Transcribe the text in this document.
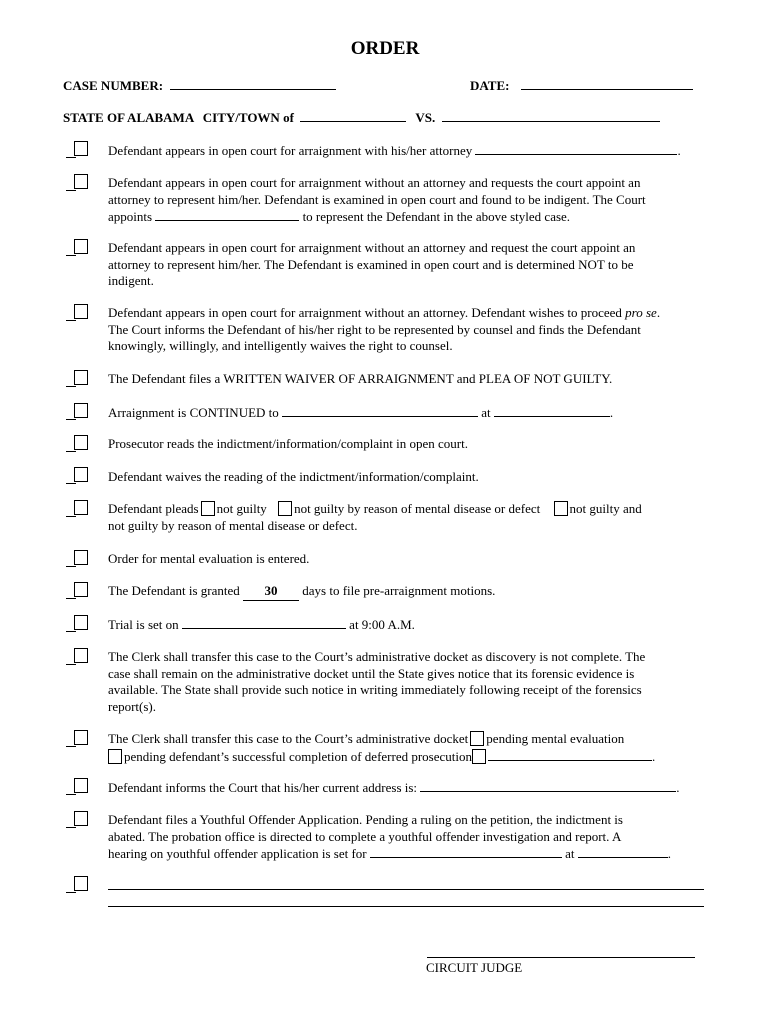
ORDER
CASE NUMBER:	DATE:
STATE OF ALABAMA CITY/TOWN of	VS.
Defendant appears in open court for arraignment with his/her attorney	.
Defendant appears in open court for arraignment without an attorney and requests the court appoint an
attorney to represent him/her. Defendant is examined in open court and found to be indigent. The Court
appoints	to represent the Defendant in the above styled case.
Defendant appears in open court for arraignment without an attorney and request the court appoint an
attorney to represent him/her. The Defendant is examined in open court and is determined NOT to be
indigent.
Defendant appears in open court for arraignment without an attorney. Defendant wishes to proceed pro se.
The Court informs the Defendant of his/her right to be represented by counsel and finds the Defendant
knowingly, willingly, and intelligently waives the right to counsel.
The Defendant files a WRITTEN WAIVER OF ARRAIGNMENT and PLEA OF NOT GUILTY.
Arraignment is CONTINUED to	at	.
Prosecutor reads the indictment/information/complaint in open court.
Defendant waives the reading of the indictment/information/complaint.
Defendant pleads not guilty not guilty by reason of mental disease or defect not guilty and
not guilty by reason of mental disease or defect.
Order for mental evaluation is entered.
The Defendant is granted 30 days to file pre-arraignment motions.
Trial is set on	at 9:00 A.M.
The Clerk shall transfer this case to the Court’s administrative docket as discovery is not complete. The
case shall remain on the administrative docket until the State gives notice that its forensic evidence is
available. The State shall provide such notice in writing immediately following receipt of the forensics
report(s).
The Clerk shall transfer this case to the Court’s administrative docket pending mental evaluation
pending defendant’s successful completion of deferred prosecution	.
Defendant informs the Court that his/her current address is:	.
Defendant files a Youthful Offender Application. Pending a ruling on the petition, the indictment is
abated. The probation office is directed to complete a youthful offender investigation and report. A
hearing on youthful offender application is set for	at	.
CIRCUIT JUDGE
